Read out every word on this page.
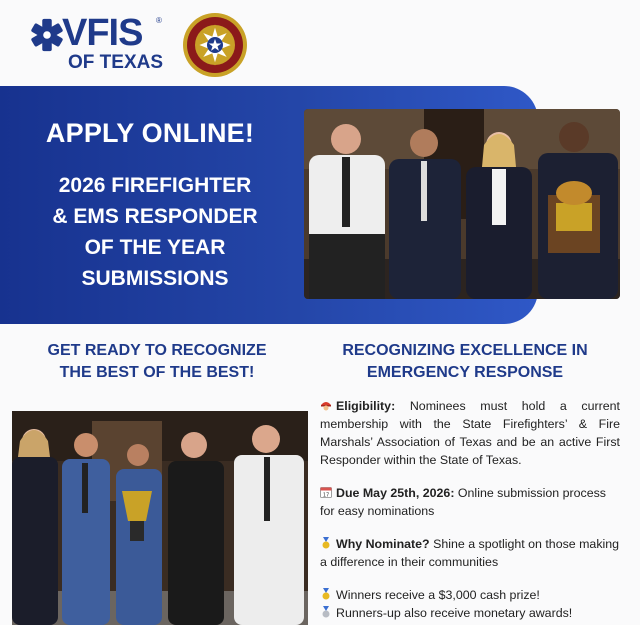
VFIS ®
OF TEXAS
APPLY ONLINE!
2026 FIREFIGHTER
& EMS RESPONDER
OF THE YEAR
SUBMISSIONS
GET READY TO RECOGNIZE
THE BEST OF THE BEST!
RECOGNIZING EXCELLENCE IN
EMERGENCY RESPONSE
Eligibility: Nominees must hold a current membership with the State Firefighters’ & Fire Marshals’ Association of Texas and be an active First Responder within the State of Texas.
17 Due May 25th, 2026: Online submission process for easy nominations
Why Nominate? Shine a spotlight on those making a difference in their communities
Winners receive a $3,000 cash prize!
Runners-up also receive monetary awards!
